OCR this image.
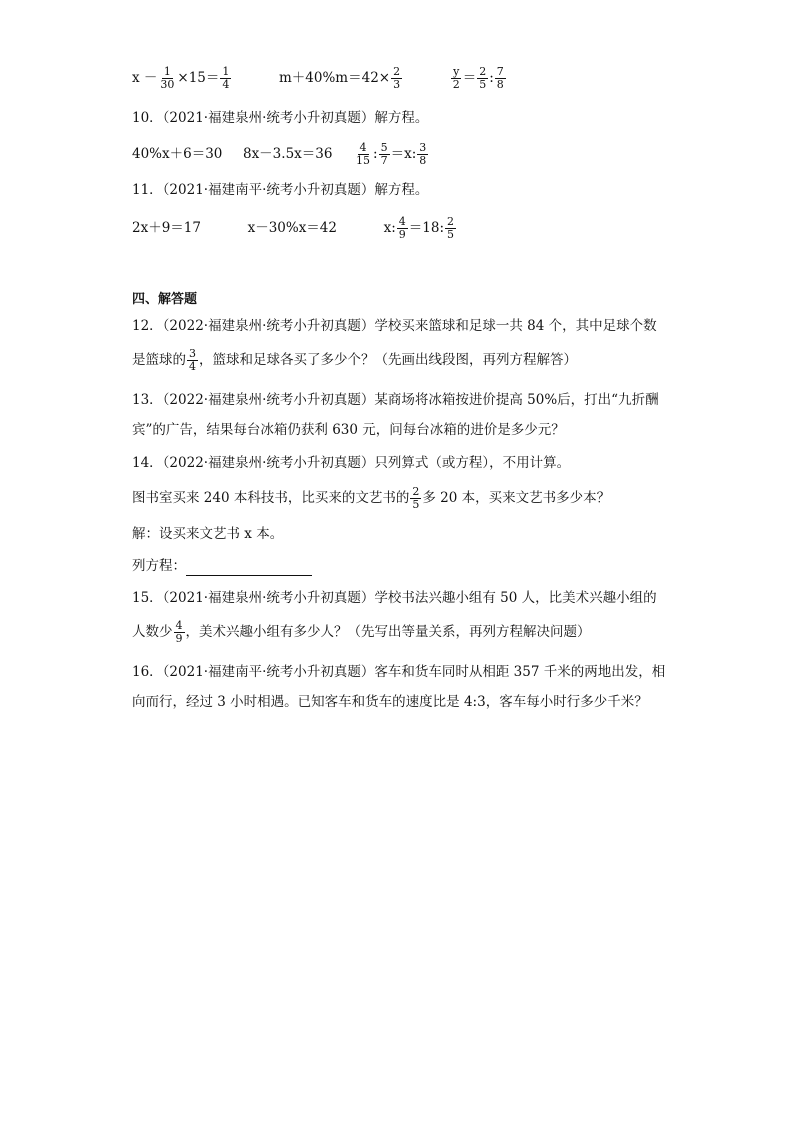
$x - \frac{1}{30} \times 15= \frac{1}{4}$	$m+40\%m=42\times \frac{2}{3}$
	$\frac{y}{2} = \frac{2}{5}$ : $\frac{7}{8}$
10．（2021·福建泉州·统考小升初真题）解方程。
40%x＋6＝30 $8x-3.5x=36 \frac{4}{15}$ : $\frac{5}{7} =x$: $\frac{3}{8}$
11．（2021·福建南平·统考小升初真题）解方程。
2x＋9＝17	x－30%x＝42	x: $\frac{4}{9} =18$: $\frac{2}{5}$
四、解答题
12．（2022·福建泉州·统考小升初真题）学校买来篮球和足球一共 84 个，其中足球个数
是篮球的 $\frac{3}{4}$ ，篮球和足球各买了多少个？（先画出线段图，再列方程解答）
13．（2022·福建泉州·统考小升初真题）某商场将冰箱按进价提高 50%后，打出“九折酬
宾”的广告，结果每台冰箱仍获利 630 元，问每台冰箱的进价是多少元？
14．（2022·福建泉州·统考小升初真题）只列算式（或方程），不用计算。
图书室买来 240 本科技书，比买来的文艺书的 $\frac{2}{5}$ 多 20 本，买来文艺书多少本？
解：设买来文艺书 x 本。
列方程：
15．（2021·福建泉州·统考小升初真题）学校书法兴趣小组有 50 人，比美术兴趣小组的
人数少 $\frac{4}{9}$ ，美术兴趣小组有多少人？（先写出等量关系，再列方程解决问题）
16．（2021·福建南平·统考小升初真题）客车和货车同时从相距 357 千米的两地出发，相
向而行，经过 3 小时相遇。已知客车和货车的速度比是 4:3，客车每小时行多少千米？
